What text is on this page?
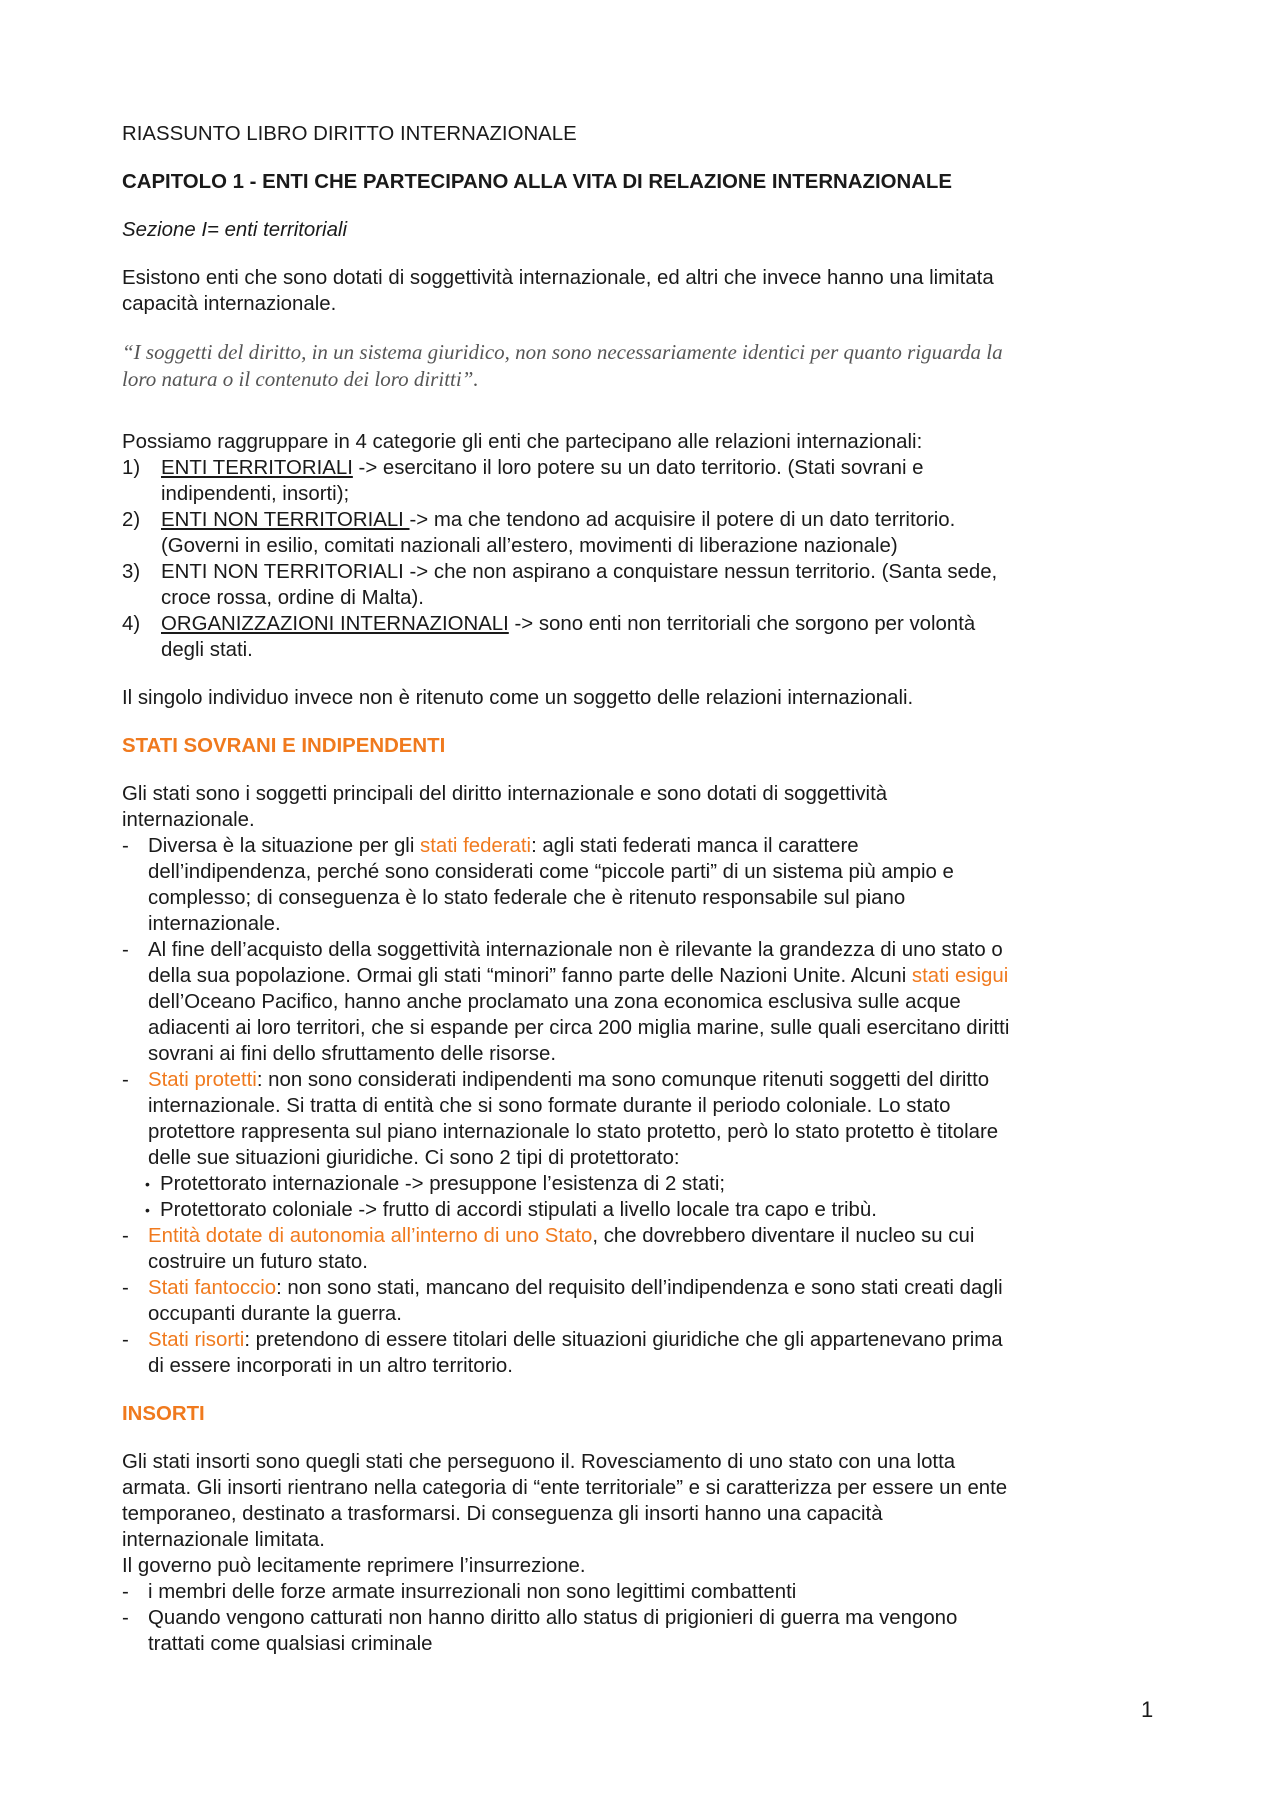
RIASSUNTO LIBRO DIRITTO INTERNAZIONALE

CAPITOLO 1 - ENTI CHE PARTECIPANO ALLA VITA DI RELAZIONE INTERNAZIONALE

Sezione I= enti territoriali

Esistono enti che sono dotati di soggettività internazionale, ed altri che invece hanno una limitata

capacità internazionale.

“I soggetti del diritto, in un sistema giuridico, non sono necessariamente identici per quanto riguarda la

loro natura o il contenuto dei loro diritti”.

Possiamo raggruppare in 4 categorie gli enti che partecipano alle relazioni internazionali:

1) ENTI TERRITORIALI -> esercitano il loro potere su un dato territorio. (Stati sovrani e
indipendenti, insorti);
2) ENTI NON TERRITORIALI -> ma che tendono ad acquisire il potere di un dato territorio.
(Governi in esilio, comitati nazionali all’estero, movimenti di liberazione nazionale)
3) ENTI NON TERRITORIALI -> che non aspirano a conquistare nessun territorio. (Santa sede,
croce rossa, ordine di Malta).
4) ORGANIZZAZIONI INTERNAZIONALI -> sono enti non territoriali che sorgono per volontà
degli stati.

Il singolo individuo invece non è ritenuto come un soggetto delle relazioni internazionali.

STATI SOVRANI E INDIPENDENTI

Gli stati sono i soggetti principali del diritto internazionale e sono dotati di soggettività

internazionale.

- Diversa è la situazione per gli stati federati: agli stati federati manca il carattere
dell’indipendenza, perché sono considerati come “piccole parti” di un sistema più ampio e
complesso; di conseguenza è lo stato federale che è ritenuto responsabile sul piano
internazionale.
- Al fine dell’acquisto della soggettività internazionale non è rilevante la grandezza di uno stato o
della sua popolazione. Ormai gli stati “minori” fanno parte delle Nazioni Unite. Alcuni stati esigui
dell’Oceano Pacifico, hanno anche proclamato una zona economica esclusiva sulle acque
adiacenti ai loro territori, che si espande per circa 200 miglia marine, sulle quali esercitano diritti
sovrani ai fini dello sfruttamento delle risorse.
- Stati protetti: non sono considerati indipendenti ma sono comunque ritenuti soggetti del diritto
internazionale. Si tratta di entità che si sono formate durante il periodo coloniale. Lo stato
protettore rappresenta sul piano internazionale lo stato protetto, però lo stato protetto è titolare
delle sue situazioni giuridiche. Ci sono 2 tipi di protettorato:
• Protettorato internazionale -> presuppone l’esistenza di 2 stati;
• Protettorato coloniale -> frutto di accordi stipulati a livello locale tra capo e tribù.
- Entità dotate di autonomia all’interno di uno Stato, che dovrebbero diventare il nucleo su cui
costruire un futuro stato.
- Stati fantoccio: non sono stati, mancano del requisito dell’indipendenza e sono stati creati dagli
occupanti durante la guerra.
- Stati risorti: pretendono di essere titolari delle situazioni giuridiche che gli appartenevano prima
di essere incorporati in un altro territorio.

INSORTI

Gli stati insorti sono quegli stati che perseguono il. Rovesciamento di uno stato con una lotta

armata. Gli insorti rientrano nella categoria di “ente territoriale” e si caratterizza per essere un ente

temporaneo, destinato a trasformarsi. Di conseguenza gli insorti hanno una capacità

internazionale limitata.

Il governo può lecitamente reprimere l’insurrezione.

- i membri delle forze armate insurrezionali non sono legittimi combattenti
- Quando vengono catturati non hanno diritto allo status di prigionieri di guerra ma vengono
trattati come qualsiasi criminale
1
